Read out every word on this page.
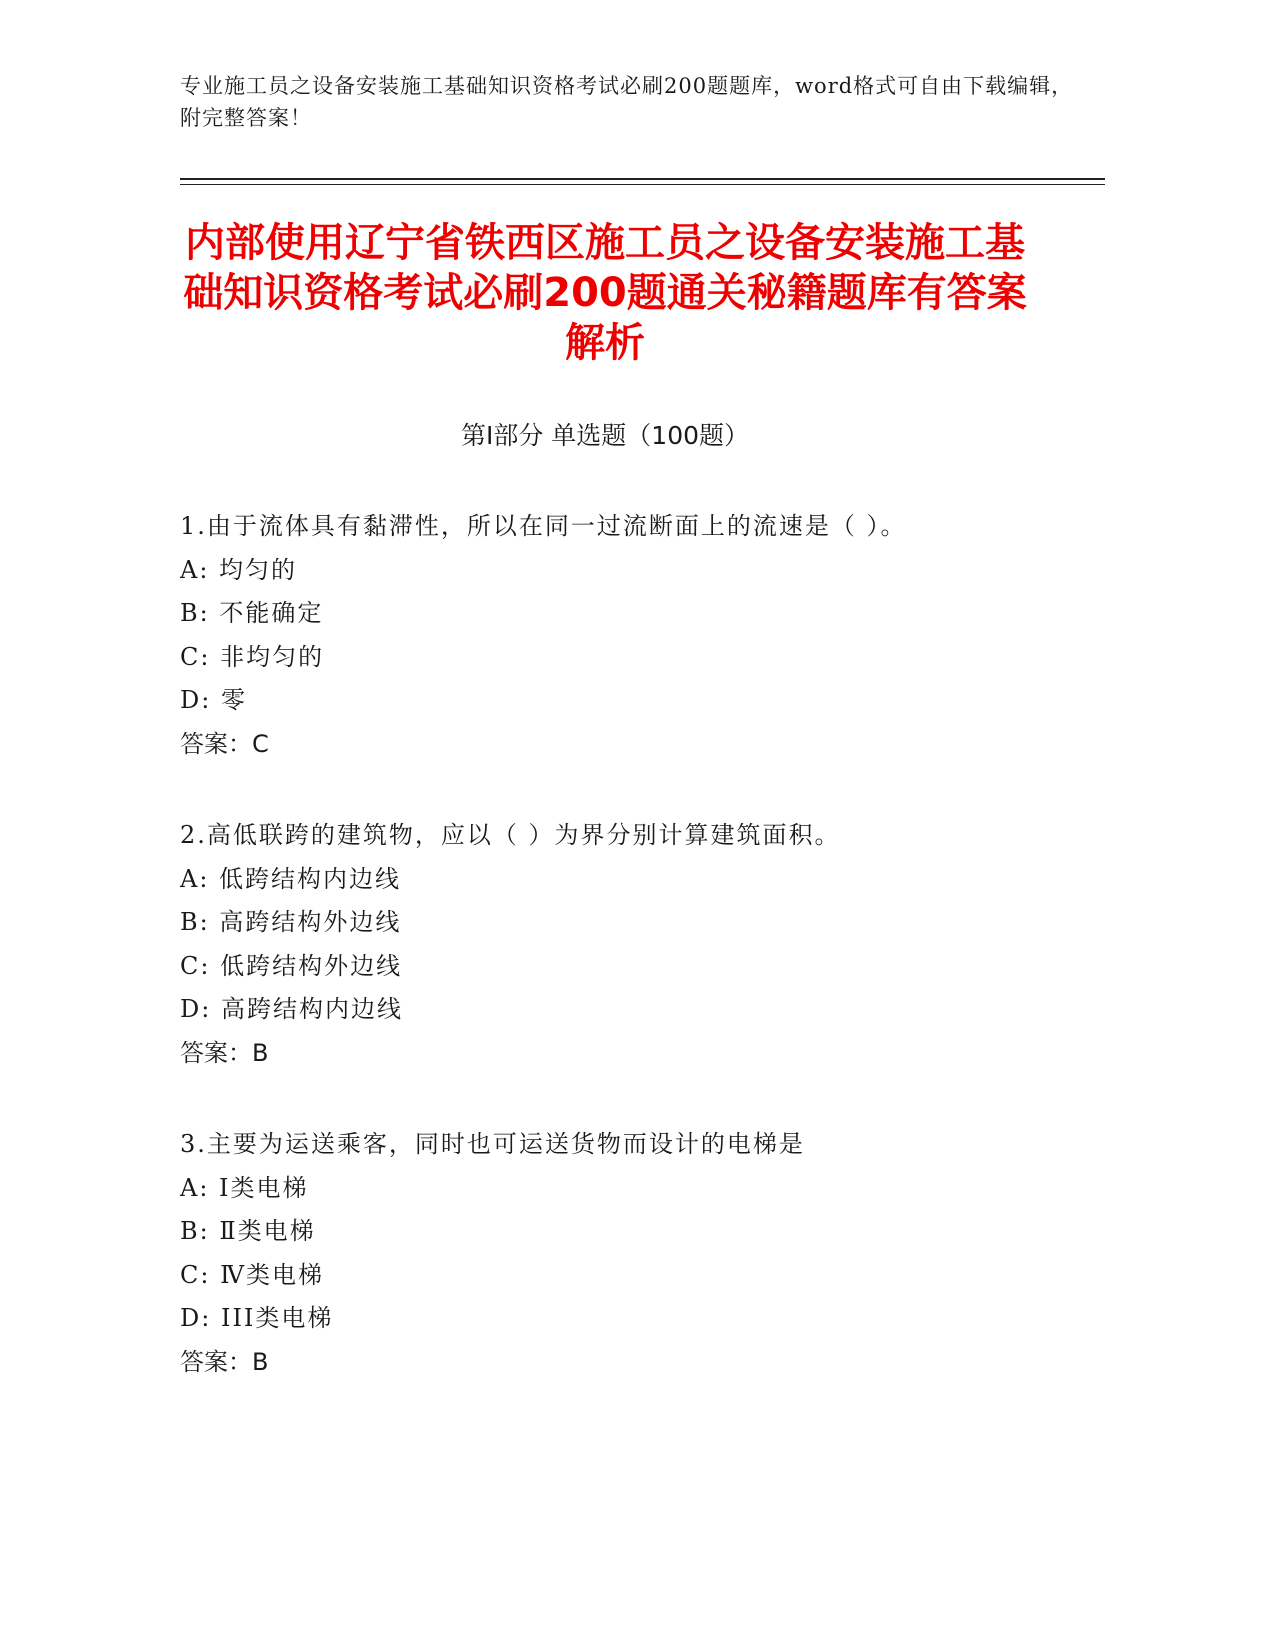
专业施工员之设备安装施工基础知识资格考试必刷200题题库，word格式可自由下载编辑，附完整答案！
内部使用辽宁省铁西区施工员之设备安装施工基础知识资格考试必刷200题通关秘籍题库有答案解析
第I部分 单选题（100题）
1.由于流体具有黏滞性，所以在同一过流断面上的流速是（ ）。
A: 均匀的
B: 不能确定
C: 非均匀的
D: 零
答案：C
2.高低联跨的建筑物，应以（ ）为界分别计算建筑面积。
A: 低跨结构内边线
B: 高跨结构外边线
C: 低跨结构外边线
D: 高跨结构内边线
答案：B
3.主要为运送乘客，同时也可运送货物而设计的电梯是
A: I类电梯
B: Ⅱ类电梯
C: Ⅳ类电梯
D: III类电梯
答案：B
